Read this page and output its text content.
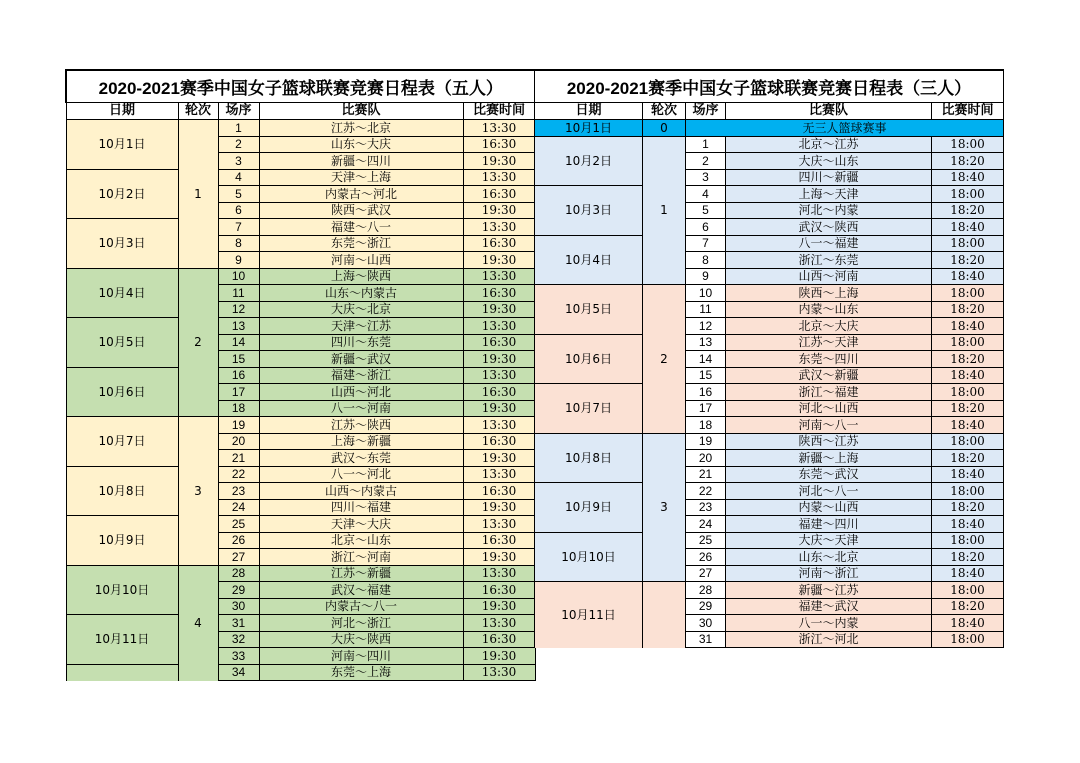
2020-2021赛季中国女子篮球联赛竞赛日程表（五人）				
日期	轮次	场序	比赛队	比赛时间
10月1日	1	1	江苏～北京	13:30
		2	山东～大庆	16:30
		3	新疆～四川	19:30
10月2日		4	天津～上海	13:30
		5	内蒙古～河北	16:30
		6	陕西～武汉	19:30
10月3日		7	福建～八一	13:30
		8	东莞～浙江	16:30
		9	河南～山西	19:30
10月4日	2	10	上海～陕西	13:30
		11	山东～内蒙古	16:30
		12	大庆～北京	19:30
10月5日		13	天津～江苏	13:30
		14	四川～东莞	16:30
		15	新疆～武汉	19:30
10月6日		16	福建～浙江	13:30
		17	山西～河北	16:30
		18	八一～河南	19:30
10月7日	3	19	江苏～陕西	13:30
		20	上海～新疆	16:30
		21	武汉～东莞	19:30
10月8日		22	八一～河北	13:30
		23	山西～内蒙古	16:30
		24	四川～福建	19:30
10月9日		25	天津～大庆	13:30
		26	北京～山东	16:30
		27	浙江～河南	19:30
10月10日	4	28	江苏～新疆	13:30
		29	武汉～福建	16:30
		30	内蒙古～八一	19:30
10月11日		31	河北～浙江	13:30
		32	大庆～陕西	16:30
		33	河南～四川	19:30
		34	东莞～上海	13:30
2020-2021赛季中国女子篮球联赛竞赛日程表（三人）				
日期	轮次	场序	比赛队	比赛时间
10月1日	0	无三人篮球赛事		

10月2日	1	1	北京～江苏	18:00
		2	大庆～山东	18:20
		3	四川～新疆	18:40
10月3日		4	上海～天津	18:00
		5	河北～内蒙	18:20
		6	武汉～陕西	18:40
10月4日		7	八一～福建	18:00
		8	浙江～东莞	18:20
		9	山西～河南	18:40
10月5日	2	10	陕西～上海	18:00
		11	内蒙～山东	18:20
		12	北京～大庆	18:40
10月6日		13	江苏～天津	18:00
		14	东莞～四川	18:20
		15	武汉～新疆	18:40
10月7日		16	浙江～福建	18:00
		17	河北～山西	18:20
		18	河南～八一	18:40
10月8日	3	19	陕西～江苏	18:00
		20	新疆～上海	18:20
		21	东莞～武汉	18:40
10月9日		22	河北～八一	18:00
		23	内蒙～山西	18:20
		24	福建～四川	18:40
10月10日		25	大庆～天津	18:00
		26	山东～北京	18:20
		27	河南～浙江	18:40
10月11日		28	新疆～江苏	18:00
		29	福建～武汉	18:20
		30	八一～内蒙	18:40
		31	浙江～河北	18:00
